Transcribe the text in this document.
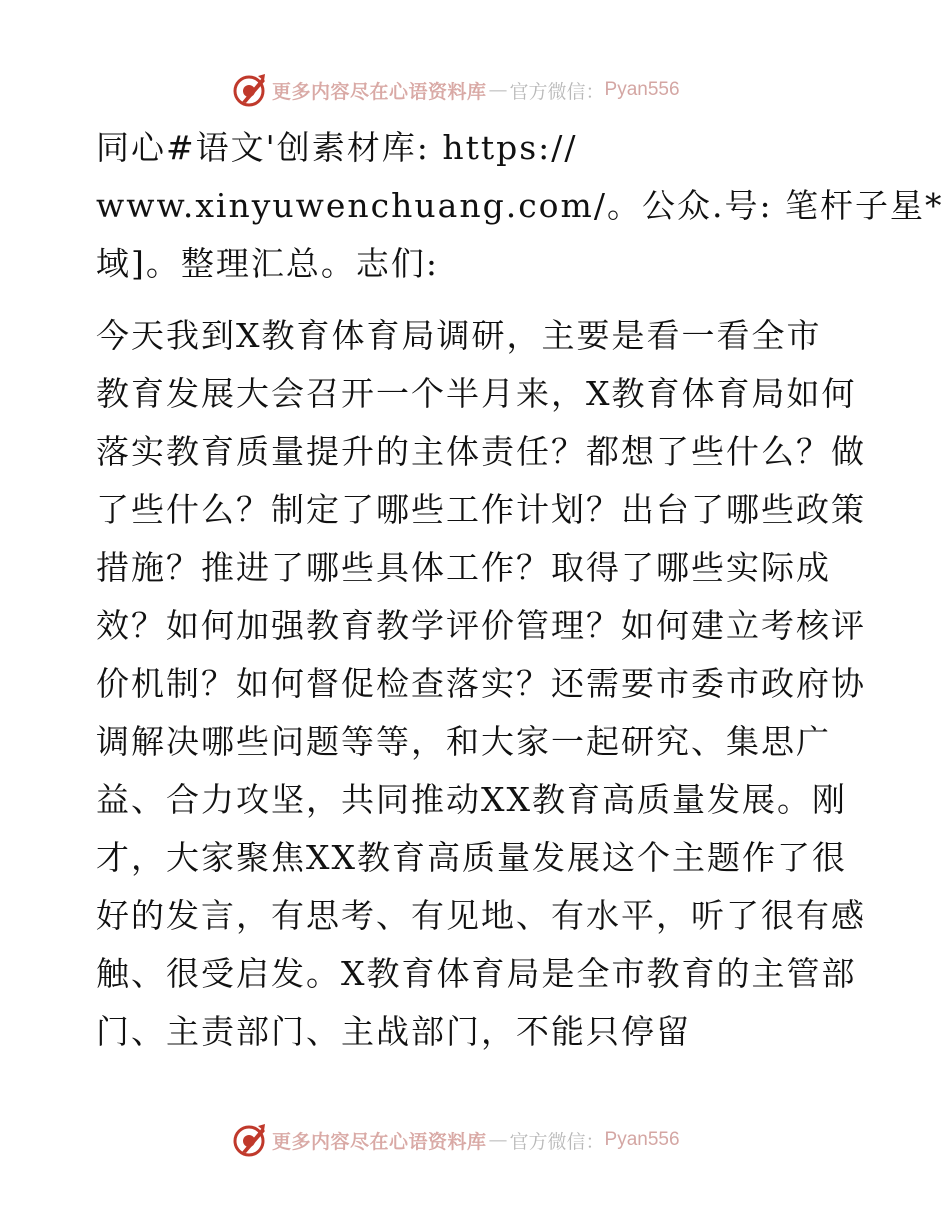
更多内容尽在心语资料库 — 官方微信： Pyan556
同心#语文'创素材库: https://
www.xinyuwenchuang.com/。公众.号: 笔杆子星*
域]。整理汇总。志们:
今天我到X教育体育局调研，主要是看一看全市
教育发展大会召开一个半月来，X教育体育局如何
落实教育质量提升的主体责任？都想了些什么？做
了些什么？制定了哪些工作计划？出台了哪些政策
措施？推进了哪些具体工作？取得了哪些实际成
效？如何加强教育教学评价管理？如何建立考核评
价机制？如何督促检查落实？还需要市委市政府协
调解决哪些问题等等，和大家一起研究、集思广
益、合力攻坚，共同推动XX教育高质量发展。刚
才，大家聚焦XX教育高质量发展这个主题作了很
好的发言，有思考、有见地、有水平，听了很有感
触、很受启发。X教育体育局是全市教育的主管部
门、主责部门、主战部门，不能只停留
更多内容尽在心语资料库 — 官方微信： Pyan556
